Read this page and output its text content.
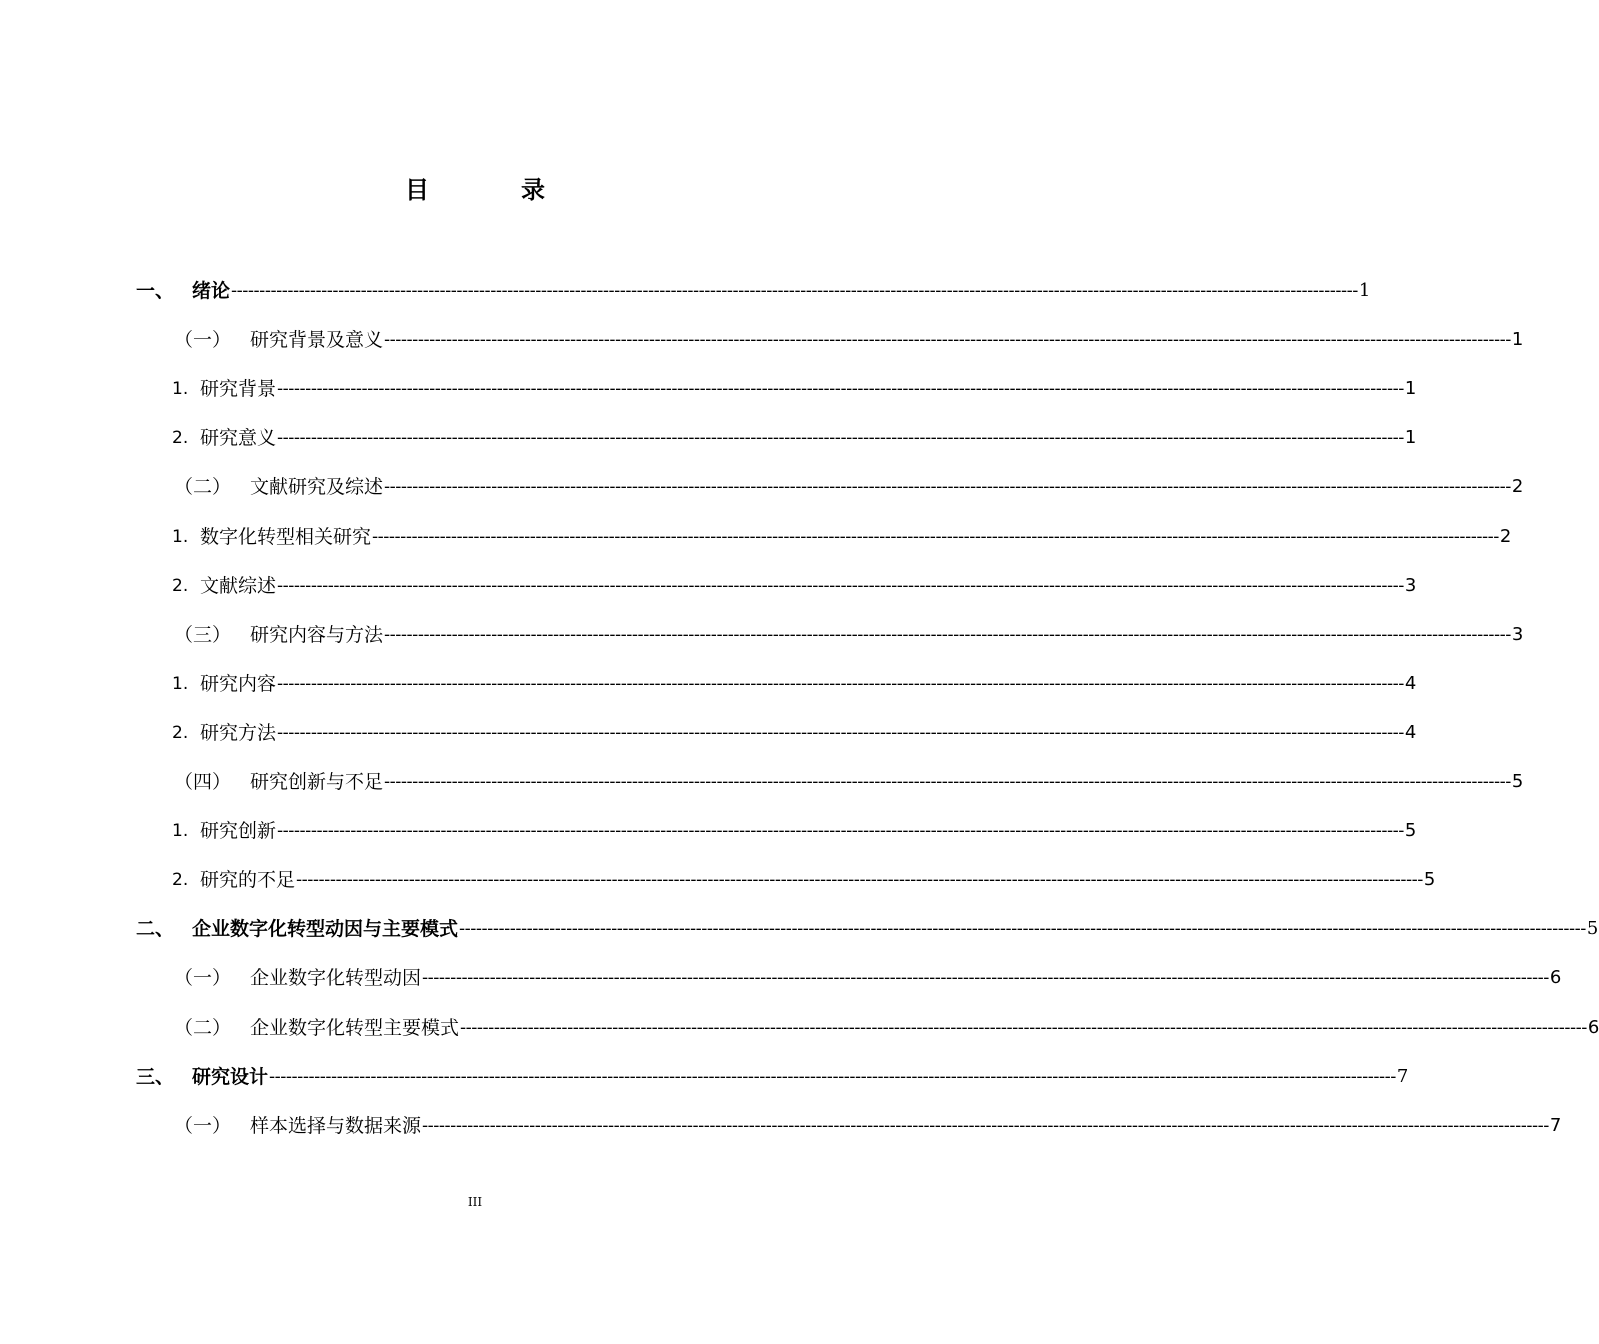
目	录
一、 绪论 -------------------------------------------------------------------------------------------------------------------------------------------------------------------------------------------------------- 1
（一） 研究背景及意义 -------------------------------------------------------------------------------------------------------------------------------------------------------------------------------------------------------- 1
1. 研究背景 -------------------------------------------------------------------------------------------------------------------------------------------------------------------------------------------------------- 1
2. 研究意义 -------------------------------------------------------------------------------------------------------------------------------------------------------------------------------------------------------- 1
（二） 文献研究及综述 -------------------------------------------------------------------------------------------------------------------------------------------------------------------------------------------------------- 2
1. 数字化转型相关研究 -------------------------------------------------------------------------------------------------------------------------------------------------------------------------------------------------------- 2
2. 文献综述 -------------------------------------------------------------------------------------------------------------------------------------------------------------------------------------------------------- 3
（三） 研究内容与方法 -------------------------------------------------------------------------------------------------------------------------------------------------------------------------------------------------------- 3
1. 研究内容 -------------------------------------------------------------------------------------------------------------------------------------------------------------------------------------------------------- 4
2. 研究方法 -------------------------------------------------------------------------------------------------------------------------------------------------------------------------------------------------------- 4
（四） 研究创新与不足 -------------------------------------------------------------------------------------------------------------------------------------------------------------------------------------------------------- 5
1. 研究创新 -------------------------------------------------------------------------------------------------------------------------------------------------------------------------------------------------------- 5
2. 研究的不足 -------------------------------------------------------------------------------------------------------------------------------------------------------------------------------------------------------- 5
二、 企业数字化转型动因与主要模式 -------------------------------------------------------------------------------------------------------------------------------------------------------------------------------------------------------- 5
（一） 企业数字化转型动因 -------------------------------------------------------------------------------------------------------------------------------------------------------------------------------------------------------- 6
（二） 企业数字化转型主要模式 -------------------------------------------------------------------------------------------------------------------------------------------------------------------------------------------------------- 6
三、 研究设计 -------------------------------------------------------------------------------------------------------------------------------------------------------------------------------------------------------- 7
（一） 样本选择与数据来源 -------------------------------------------------------------------------------------------------------------------------------------------------------------------------------------------------------- 7
III
